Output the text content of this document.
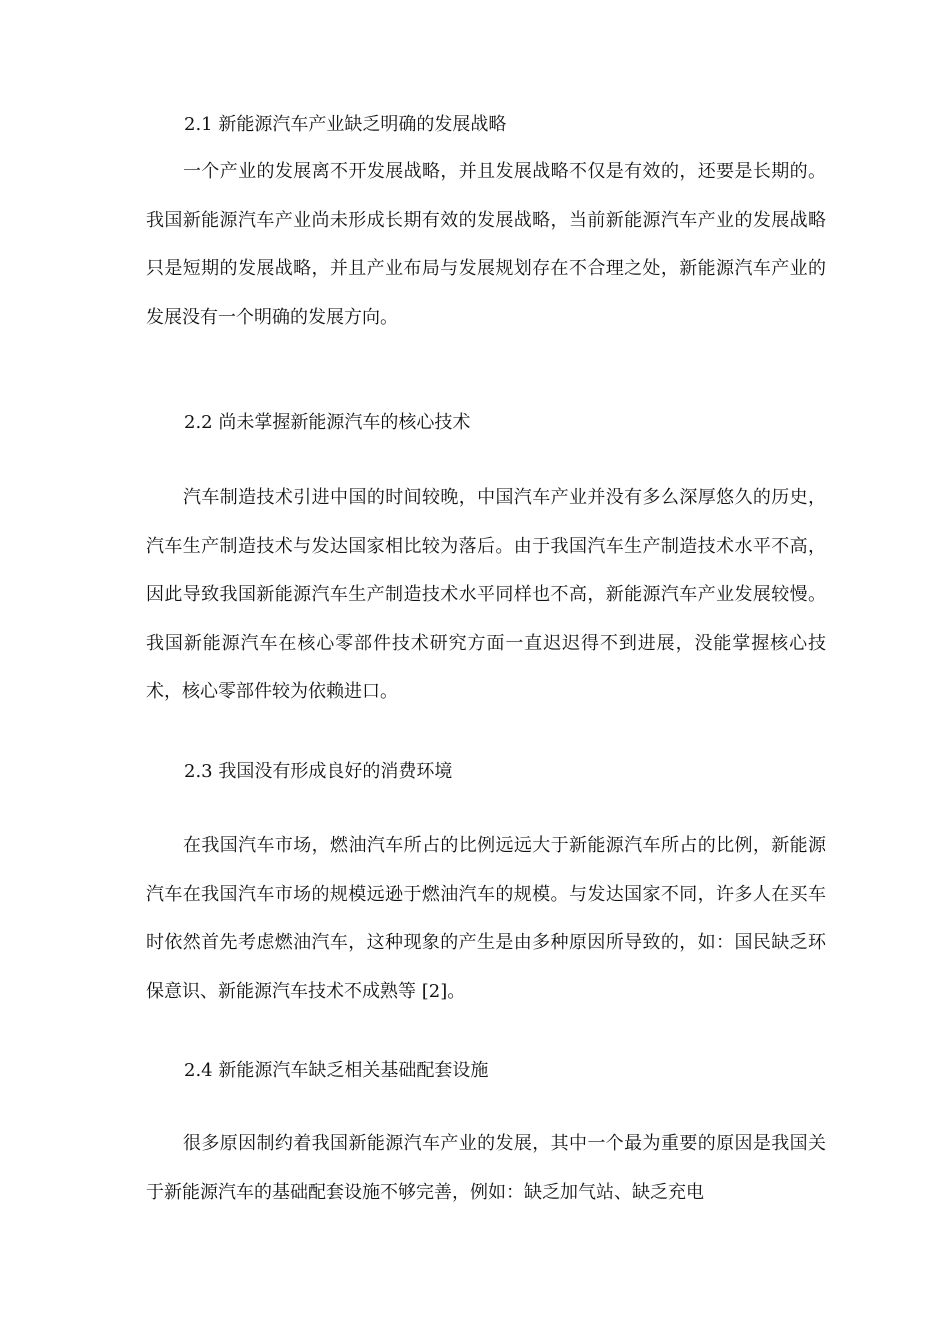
2.1 新能源汽车产业缺乏明确的发展战略
一个产业的发展离不开发展战略，并且发展战略不仅是有效的，还要是长期的。我国新能源汽车产业尚未形成长期有效的发展战略，当前新能源汽车产业的发展战略只是短期的发展战略，并且产业布局与发展规划存在不合理之处，新能源汽车产业的发展没有一个明确的发展方向。
2.2 尚未掌握新能源汽车的核心技术
汽车制造技术引进中国的时间较晚，中国汽车产业并没有多么深厚悠久的历史，汽车生产制造技术与发达国家相比较为落后。由于我国汽车生产制造技术水平不高，因此导致我国新能源汽车生产制造技术水平同样也不高，新能源汽车产业发展较慢。我国新能源汽车在核心零部件技术研究方面一直迟迟得不到进展，没能掌握核心技术，核心零部件较为依赖进口。
2.3 我国没有形成良好的消费环境
在我国汽车市场，燃油汽车所占的比例远远大于新能源汽车所占的比例，新能源汽车在我国汽车市场的规模远逊于燃油汽车的规模。与发达国家不同，许多人在买车时依然首先考虑燃油汽车，这种现象的产生是由多种原因所导致的，如：国民缺乏环保意识、新能源汽车技术不成熟等 [2]。
2.4 新能源汽车缺乏相关基础配套设施
很多原因制约着我国新能源汽车产业的发展，其中一个最为重要的原因是我国关于新能源汽车的基础配套设施不够完善，例如：缺乏加气站、缺乏充电
